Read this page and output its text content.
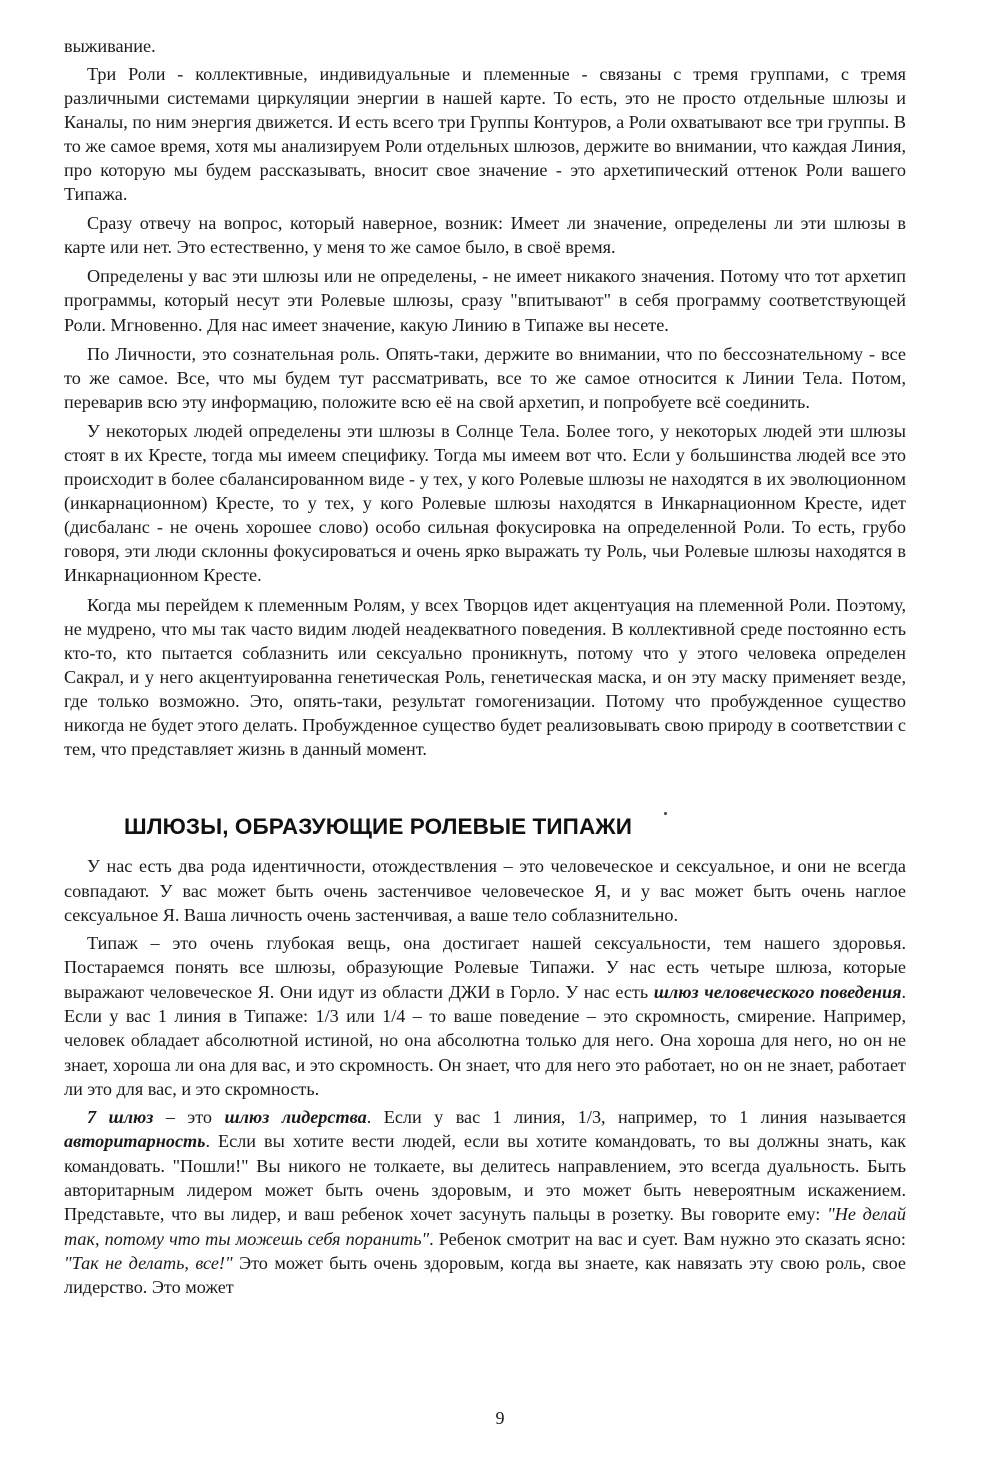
выживание.

Три Роли - коллективные, индивидуальные и племенные - связаны с тремя группами, с тремя различными системами циркуляции энергии в нашей карте. То есть, это не просто отдельные шлюзы и Каналы, по ним энергия движется. И есть всего три Группы Контуров, а Роли охватывают все три группы. В то же самое время, хотя мы анализируем Роли отдельных шлюзов, держите во внимании, что каждая Линия, про которую мы будем рассказывать, вносит свое значение - это архетипический оттенок Роли вашего Типажа.

Сразу отвечу на вопрос, который наверное, возник: Имеет ли значение, определены ли эти шлюзы в карте или нет. Это естественно, у меня то же самое было, в своё время.

Определены у вас эти шлюзы или не определены, - не имеет никакого значения. Потому что тот архетип программы, который несут эти Ролевые шлюзы, сразу "впитывают" в себя программу соответствующей Роли. Мгновенно. Для нас имеет значение, какую Линию в Типаже вы несете.

По Личности, это сознательная роль. Опять-таки, держите во внимании, что по бессознательному - все то же самое. Все, что мы будем тут рассматривать, все то же самое относится к Линии Тела. Потом, переварив всю эту информацию, положите всю её на свой архетип, и попробуете всё соединить.

У некоторых людей определены эти шлюзы в Солнце Тела. Более того, у некоторых людей эти шлюзы стоят в их Кресте, тогда мы имеем специфику. Тогда мы имеем вот что. Если у большинства людей все это происходит в более сбалансированном виде - у тех, у кого Ролевые шлюзы не находятся в их эволюционном (инкарнационном) Кресте, то у тех, у кого Ролевые шлюзы находятся в Инкарнационном Кресте, идет (дисбаланс - не очень хорошее слово) особо сильная фокусировка на определенной Роли. То есть, грубо говоря, эти люди склонны фокусироваться и очень ярко выражать ту Роль, чьи Ролевые шлюзы находятся в Инкарнационном Кресте.

Когда мы перейдем к племенным Ролям, у всех Творцов идет акцентуация на племенной Роли. Поэтому, не мудрено, что мы так часто видим людей неадекватного поведения. В коллективной среде постоянно есть кто-то, кто пытается соблазнить или сексуально проникнуть, потому что у этого человека определен Сакрал, и у него акцентуированна генетическая Роль, генетическая маска, и он эту маску применяет везде, где только возможно. Это, опять-таки, результат гомогенизации. Потому что пробужденное существо никогда не будет этого делать. Пробужденное существо будет реализовывать свою природу в соответствии с тем, что представляет жизнь в данный момент.

ШЛЮЗЫ, ОБРАЗУЮЩИЕ РОЛЕВЫЕ ТИПАЖИ

У нас есть два рода идентичности, отождествления – это человеческое и сексуальное, и они не всегда совпадают. У вас может быть очень застенчивое человеческое Я, и у вас может быть очень наглое сексуальное Я. Ваша личность очень застенчивая, а ваше тело соблазнительно.

Типаж – это очень глубокая вещь, она достигает нашей сексуальности, тем нашего здоровья. Постараемся понять все шлюзы, образующие Ролевые Типажи. У нас есть четыре шлюза, которые выражают человеческое Я. Они идут из области ДЖИ в Горло. У нас есть шлюз человеческого поведения. Если у вас 1 линия в Типаже: 1/3 или 1/4 – то ваше поведение – это скромность, смирение. Например, человек обладает абсолютной истиной, но она абсолютна только для него. Она хороша для него, но он не знает, хороша ли она для вас, и это скромность. Он знает, что для него это работает, но он не знает, работает ли это для вас, и это скромность.

7 шлюз – это шлюз лидерства. Если у вас 1 линия, 1/3, например, то 1 линия называется авторитарность. Если вы хотите вести людей, если вы хотите командовать, то вы должны знать, как командовать. "Пошли!" Вы никого не толкаете, вы делитесь направлением, это всегда дуальность. Быть авторитарным лидером может быть очень здоровым, и это может быть невероятным искажением. Представьте, что вы лидер, и ваш ребенок хочет засунуть пальцы в розетку. Вы говорите ему: "Не делай так, потому что ты можешь себя поранить". Ребенок смотрит на вас и сует. Вам нужно это сказать ясно: "Так не делать, все!" Это может быть очень здоровым, когда вы знаете, как навязать эту свою роль, свое лидерство. Это может

9
